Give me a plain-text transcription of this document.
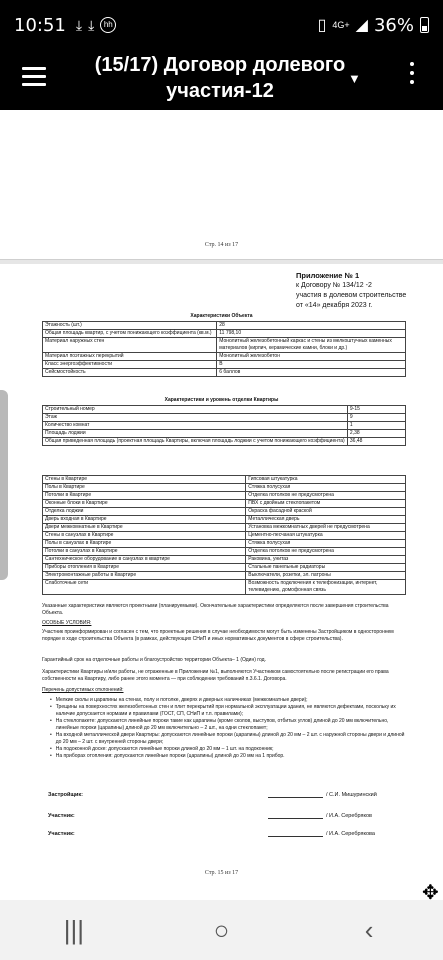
10:51 ⤓ ⤓	hh	▯ 4G+ ◢ 36%
(15/17) Договор долевого участия-12
▼
Стр. 14 из 17
Приложение № 1
к Договору № 134/12 -2
участия в долевом строительстве
от «14» декабря 2023 г.
Характеристики Объекта
Этажность (шт.)	28
Общая площадь квартир, с учетом понижающего коэффициента (кв.м.)	11 798,10
Материал наружных стен	Монолитный железобетонный каркас и стены из мелкоштучных каменных материалов (кирпич, керамические камни, блоки и др.)
Материал поэтажных перекрытий	Монолитный железобетон
Класс энергоэффективности	В
Сейсмостойкость	6 баллов
Характеристики и уровень отделки Квартиры
Строительный номер	9-15
Этаж	9
Количество комнат	1
Площадь лоджии	2,38
Общая приведенная площадь (проектная площадь Квартиры, включая площадь лоджии с учетом понижающего коэффициента)	36,48
Стены в Квартире	Гипсовая штукатурка
Полы в Квартире	Стяжка полусухая
Потолки в Квартире	Отделка потолков не предусмотрена
Оконные блоки в Квартире	ПВХ с двойным стеклопакетом
Отделка лоджии	Окраска фасадной краской
Дверь входная в Квартире	Металлическая дверь
Двери межкомнатные в Квартире	Установка межкомнатных дверей не предусмотрена
Стены в санузлах в Квартире	Цементно-песчаная штукатурка
Полы в санузлах в Квартире	Стяжка полусухая
Потолки в санузлах в Квартире	Отделка потолков не предусмотрена
Сантехническое оборудование в санузлах в квартире	Раковина, унитаз
Приборы отопления в Квартире	Стальные панельные радиаторы
Электромонтажные работы в Квартире	Выключатели, розетки, эл. патроны
Слаботочные сети	Возможность подключения к телефонизации, интернет, телевидению, домофонная связь
Указанные характеристики являются проектными (планируемыми). Окончательные характеристики определяются после завершения строительства Объекта.
ОСОБЫЕ УСЛОВИЯ:
Участник проинформирован и согласен с тем, что проектные решения в случае необходимости могут быть изменены Застройщиком в одностороннем порядке в ходе строительства Объекта (в рамках, действующих СНиП и иных нормативных документов в сфере строительства).
Гарантийный срок на отделочные работы и благоустройство территории Объекта– 1 (Один) год.
Характеристики Квартиры и/или работы, не отраженные в Приложении №1, выполняются Участником самостоятельно после регистрации его права собственности на Квартиру, либо ранее этого момента — при соблюдении требований п.3.6.1. Договора.
Перечень допустимых отклонений:
• Мелкие сколы и царапины на стенах, полу и потолке, дверях и дверных наличниках (межкомнатные двери);
• Трещины на поверхностях железобетонных стен и плит перекрытий при нормальной эксплуатации здания, не являются дефектами, поскольку их наличие допускается нормами и правилами (ГОСТ, СП, СНиП и т.п. правилами);
• На стеклопакете: допускаются линейные пороки такие как царапины (кроме сколов, выступов, отбитых углов) длиной до 20 мм включительно, линейные пороки (царапины) длиной до 20 мм включительно – 2 шт., на одни стеклопакет;
• На входной металлической двери Квартиры: допускаются линейные пороки (царапины) длиной до 20 мм – 2 шт. с наружной стороны двери и длиной до 20 мм – 2 шт. с внутренней стороны двери;
• На подоконной доске: допускаются линейные пороки длиной до 20 мм – 1 шт. на подоконник;
• На приборах отопления: допускаются линейные пороки (царапины) длиной до 20 мм на 1 прибор.
Застройщик:	/ С.И. Мишуринский
Участник:	/ И.А. Серебряков
Участник:	/ И.А. Серебрякова
Стр. 15 из 17
✥
|||	○	‹
